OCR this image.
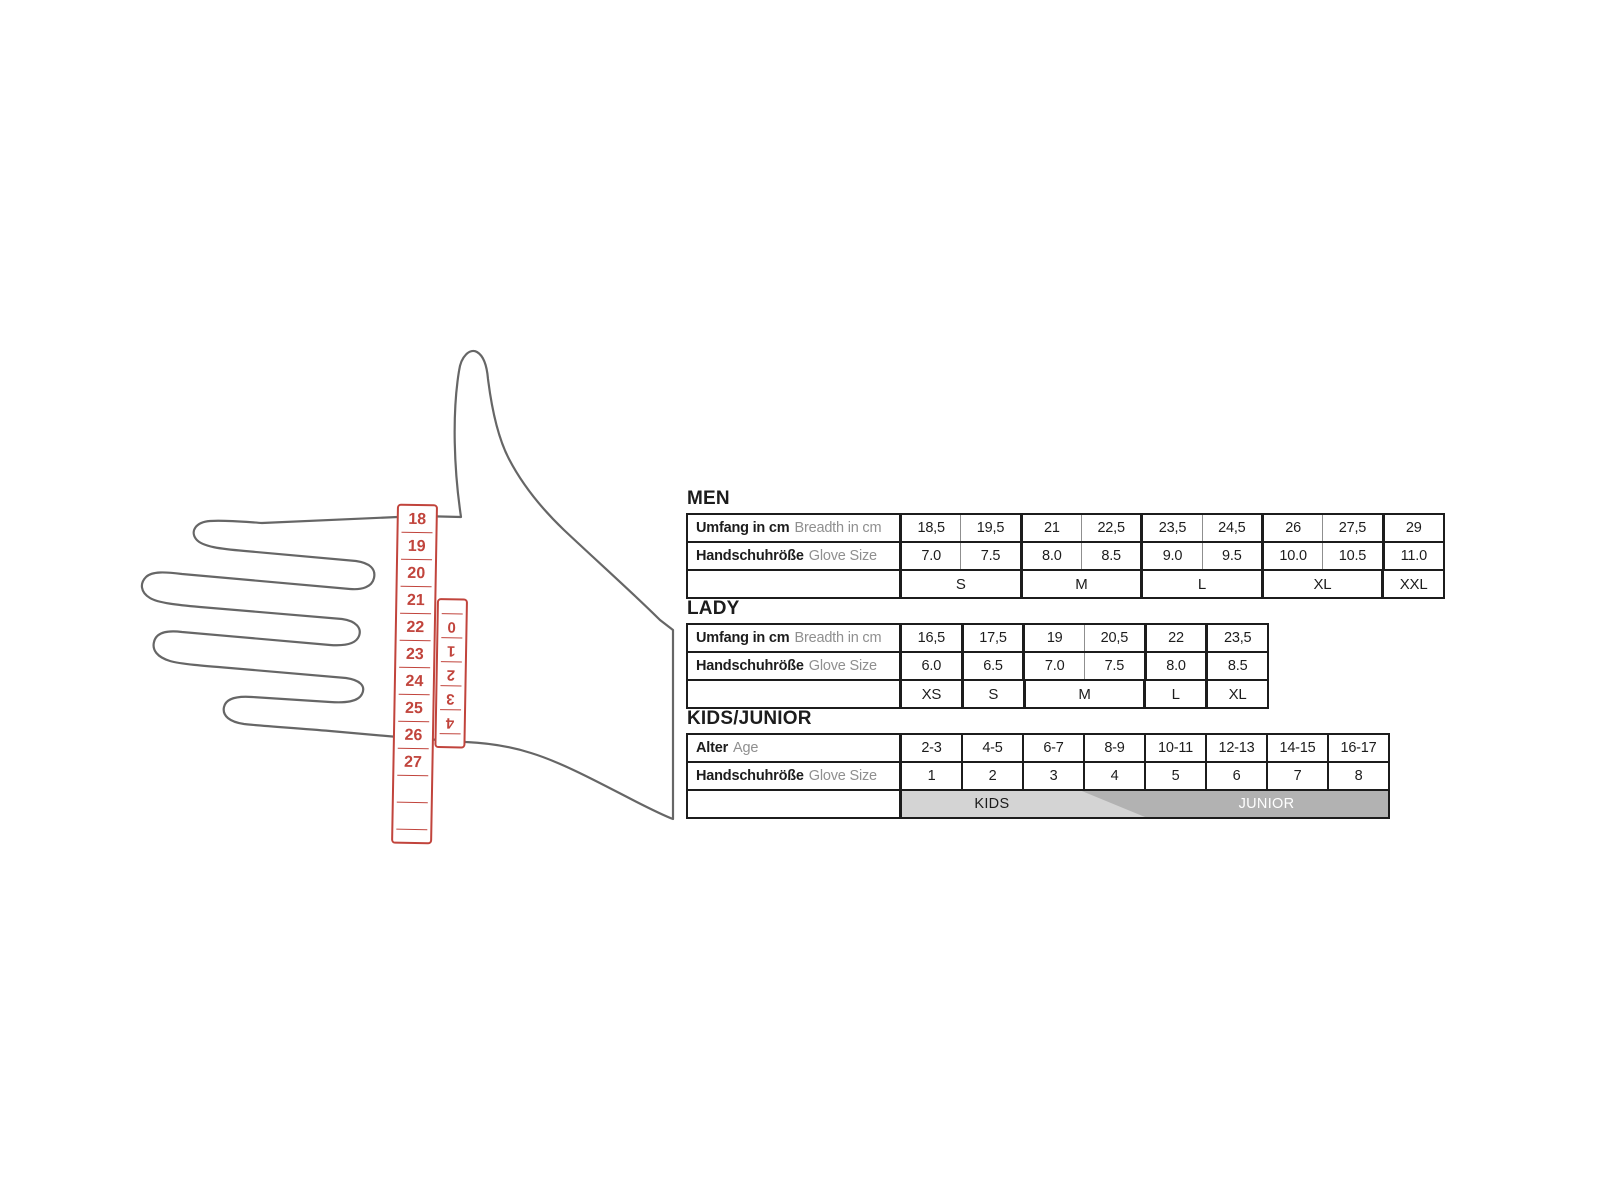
18
19
20
21
22
23
24
25
26
27
0
1
2
3
4
MEN
Umfang in cm Breadth in cm	18,5	19,5	21	22,5	23,5	24,5	26	27,5	29
Handschuhröße Glove Size	7.0	7.5	8.0	8.5	9.0	9.5	10.0	10.5	11.0
S	M	L	XL	XXL
LADY
Umfang in cm Breadth in cm	16,5	17,5	19	20,5	22	23,5
Handschuhröße Glove Size	6.0	6.5	7.0	7.5	8.0	8.5
XS	S	M	L	XL
KIDS/JUNIOR
Alter Age	2-3	4-5	6-7	8-9	10-11	12-13	14-15	16-17
Handschuhröße Glove Size	1	2	3	4	5	6	7	8
KIDS	JUNIOR
